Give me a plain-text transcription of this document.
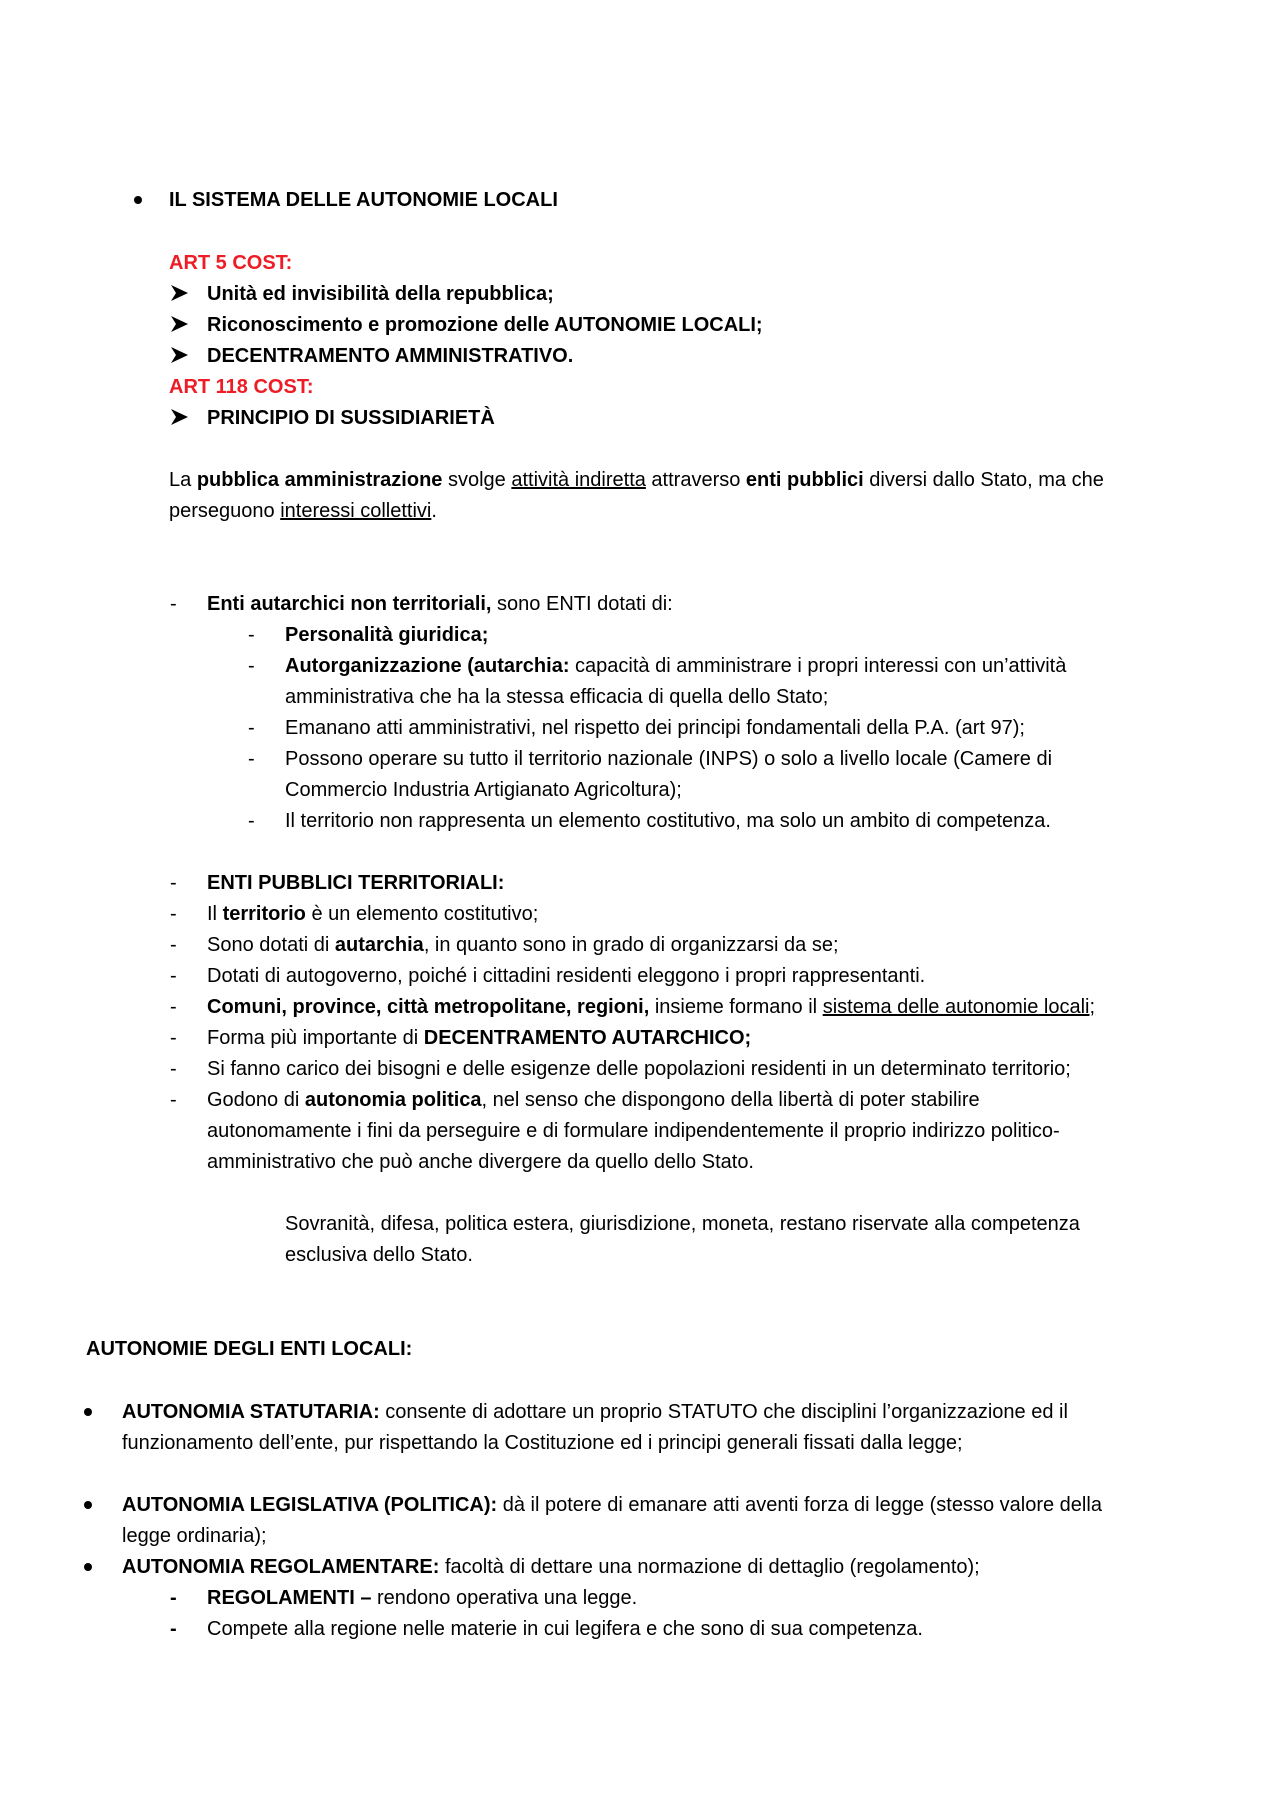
IL SISTEMA DELLE AUTONOMIE LOCALI
ART 5 COST:
Unità ed invisibilità della repubblica;
Riconoscimento e promozione delle AUTONOMIE LOCALI;
DECENTRAMENTO AMMINISTRATIVO.
ART 118 COST:
PRINCIPIO DI SUSSIDIARIETÀ
La pubblica amministrazione svolge attività indiretta attraverso enti pubblici diversi dallo Stato, ma che
perseguono interessi collettivi.
- Enti autarchici non territoriali, sono ENTI dotati di:
- Personalità giuridica;
- Autorganizzazione (autarchia: capacità di amministrare i propri interessi con un’attività
amministrativa che ha la stessa efficacia di quella dello Stato;
- Emanano atti amministrativi, nel rispetto dei principi fondamentali della P.A. (art 97);
- Possono operare su tutto il territorio nazionale (INPS) o solo a livello locale (Camere di
Commercio Industria Artigianato Agricoltura);
- Il territorio non rappresenta un elemento costitutivo, ma solo un ambito di competenza.
- ENTI PUBBLICI TERRITORIALI:
- Il territorio è un elemento costitutivo;
- Sono dotati di autarchia, in quanto sono in grado di organizzarsi da se;
- Dotati di autogoverno, poiché i cittadini residenti eleggono i propri rappresentanti.
- Comuni, province, città metropolitane, regioni, insieme formano il sistema delle autonomie locali;
- Forma più importante di DECENTRAMENTO AUTARCHICO;
- Si fanno carico dei bisogni e delle esigenze delle popolazioni residenti in un determinato territorio;
- Godono di autonomia politica, nel senso che dispongono della libertà di poter stabilire
autonomamente i fini da perseguire e di formulare indipendentemente il proprio indirizzo politico-
amministrativo che può anche divergere da quello dello Stato.
Sovranità, difesa, politica estera, giurisdizione, moneta, restano riservate alla competenza
esclusiva dello Stato.
AUTONOMIE DEGLI ENTI LOCALI:
AUTONOMIA STATUTARIA: consente di adottare un proprio STATUTO che disciplini l’organizzazione ed il
funzionamento dell’ente, pur rispettando la Costituzione ed i principi generali fissati dalla legge;
AUTONOMIA LEGISLATIVA (POLITICA): dà il potere di emanare atti aventi forza di legge (stesso valore della
legge ordinaria);
AUTONOMIA REGOLAMENTARE: facoltà di dettare una normazione di dettaglio (regolamento);
- REGOLAMENTI – rendono operativa una legge.
- Compete alla regione nelle materie in cui legifera e che sono di sua competenza.
